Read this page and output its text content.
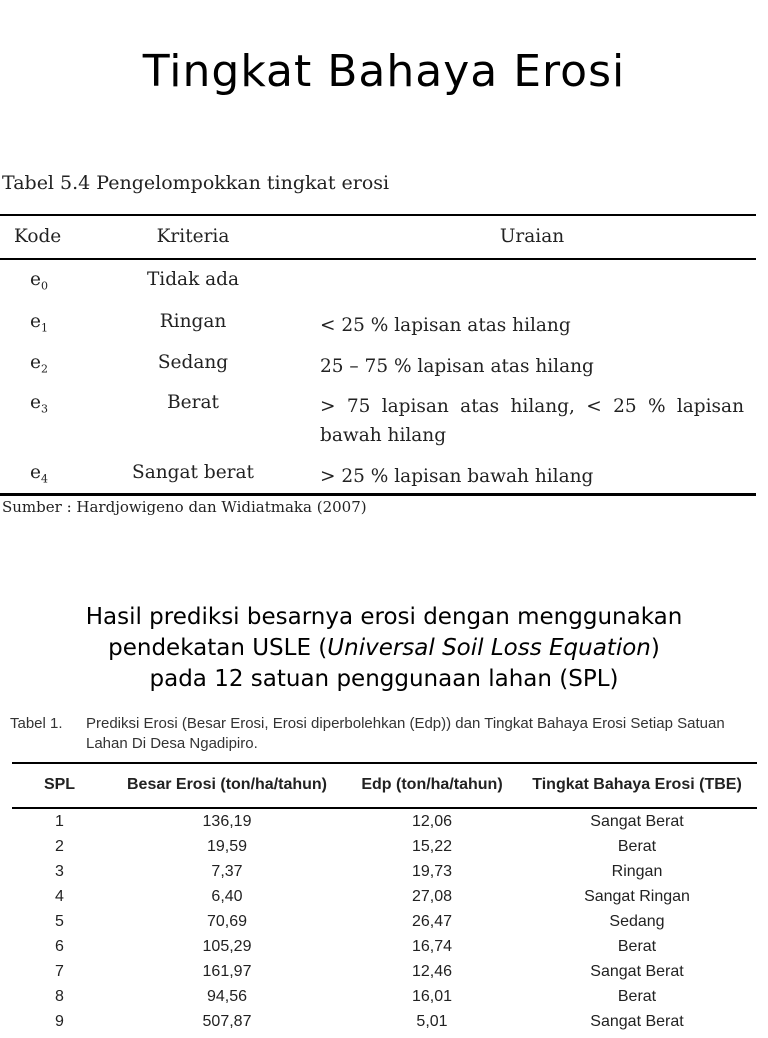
Tingkat Bahaya Erosi
Tabel 5.4 Pengelompokkan tingkat erosi
Kode	Kriteria	Uraian
$e_0$	Tidak ada
$e_1$	Ringan	< 25 % lapisan atas hilang
$e_2$	Sedang	25 – 75 % lapisan atas hilang
$e_3$	Berat	> 75 lapisan atas hilang, < 25 % lapisan bawah hilang
$e_4$	Sangat berat	> 25 % lapisan bawah hilang
Sumber : Hardjowigeno dan Widiatmaka (2007)
Hasil prediksi besarnya erosi dengan menggunakan
pendekatan USLE (Universal Soil Loss Equation)
pada 12 satuan penggunaan lahan (SPL)
Tabel 1. Prediksi Erosi (Besar Erosi, Erosi diperbolehkan (Edp)) dan Tingkat Bahaya Erosi Setiap Satuan Lahan Di Desa Ngadipiro.
SPL	Besar Erosi (ton/ha/tahun)	Edp (ton/ha/tahun)	Tingkat Bahaya Erosi (TBE)
1	136,19	12,06	Sangat Berat
2	19,59	15,22	Berat
3	7,37	19,73	Ringan
4	6,40	27,08	Sangat Ringan
5	70,69	26,47	Sedang
6	105,29	16,74	Berat
7	161,97	12,46	Sangat Berat
8	94,56	16,01	Berat
9	507,87	5,01	Sangat Berat
